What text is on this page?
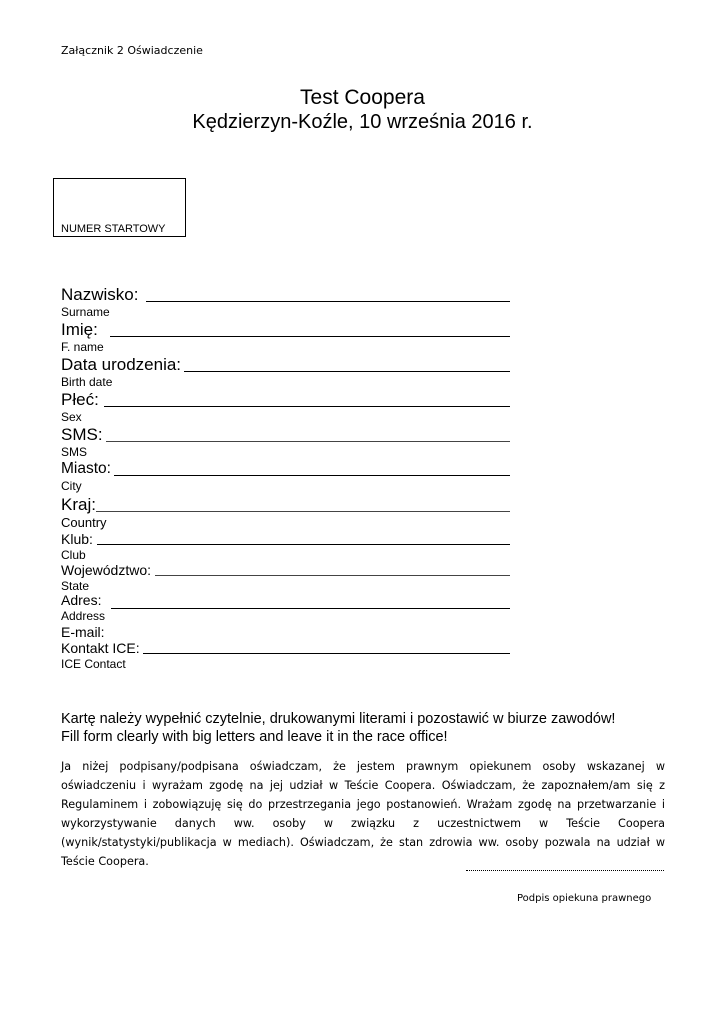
Załącznik 2 Oświadczenie
Test Coopera
Kędzierzyn-Koźle, 10 września 2016 r.
NUMER STARTOWY
Nazwisko:
Surname
Imię:
F. name
Data urodzenia:
Birth date
Płeć:
Sex
SMS:
SMS
Miasto:
City
Kraj:
Country
Klub:
Club
Województwo:
State
Adres:
Address
E-mail:
Kontakt ICE:
ICE Contact
Kartę należy wypełnić czytelnie, drukowanymi literami i pozostawić w biurze zawodów!
Fill form clearly with big letters and leave it in the race office!
Ja niżej podpisany/podpisana oświadczam, że jestem prawnym opiekunem osoby wskazanej w oświadczeniu i wyrażam zgodę na jej udział w Teście Coopera. Oświadczam, że zapoznałem/am się z Regulaminem i zobowiązuję się do przestrzegania jego postanowień. Wrażam zgodę na przetwarzanie i wykorzystywanie danych ww. osoby w związku z uczestnictwem w Teście Coopera (wynik/statystyki/publikacja w mediach). Oświadczam, że stan zdrowia ww. osoby pozwala na udział w Teście Coopera.
Podpis opiekuna prawnego
